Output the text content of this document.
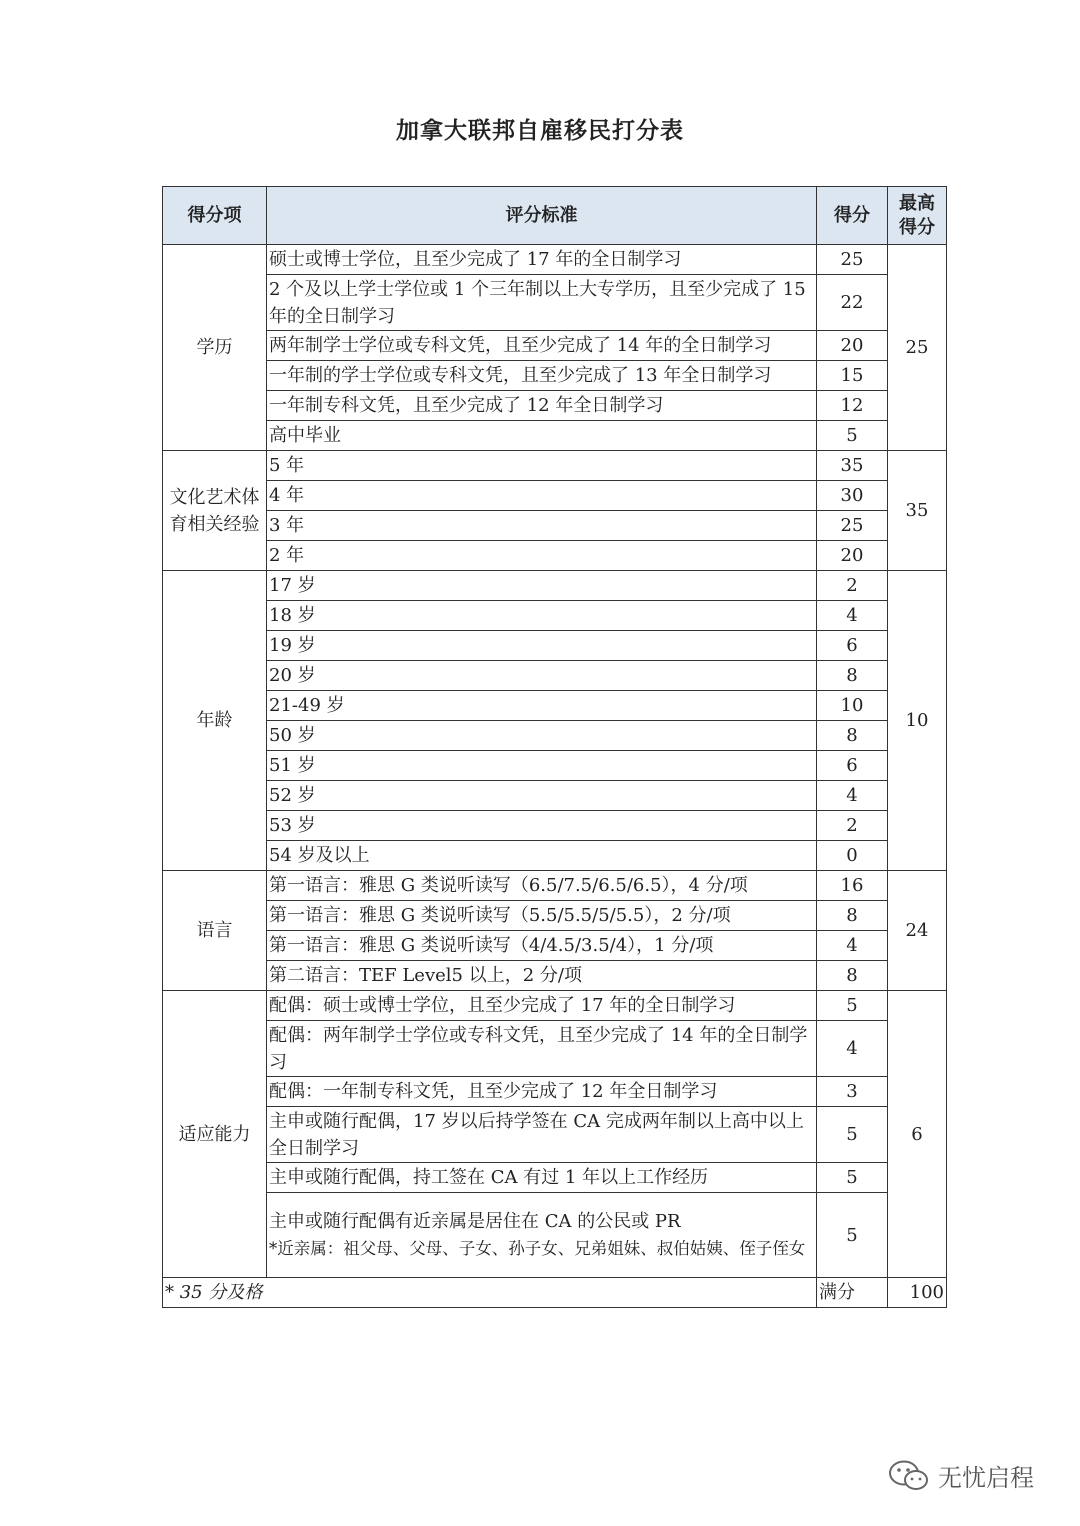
加拿大联邦自雇移民打分表
得分项	评分标准	得分	最高
得分
学历	硕士或博士学位，且至少完成了 17 年的全日制学习	25	25
	2 个及以上学士学位或 1 个三年制以上大专学历，且至少完成了 15 年的全日制学习	22	
	两年制学士学位或专科文凭，且至少完成了 14 年的全日制学习	20	
	一年制的学士学位或专科文凭，且至少完成了 13 年全日制学习	15	
	一年制专科文凭，且至少完成了 12 年全日制学习	12	
	高中毕业	5	
文化艺术体育相关经验	5 年	35	35
	4 年	30	
	3 年	25	
	2 年	20	
年龄	17 岁	2	10
	18 岁	4	
	19 岁	6	
	20 岁	8	
	21-49 岁	10	
	50 岁	8	
	51 岁	6	
	52 岁	4	
	53 岁	2	
	54 岁及以上	0	
语言	第一语言：雅思 G 类说听读写（6.5/7.5/6.5/6.5），4 分/项	16	24
	第一语言：雅思 G 类说听读写（5.5/5.5/5/5.5），2 分/项	8	
	第一语言：雅思 G 类说听读写（4/4.5/3.5/4），1 分/项	4	
	第二语言：TEF Level5 以上，2 分/项	8	
适应能力	配偶：硕士或博士学位，且至少完成了 17 年的全日制学习	5	6
	配偶：两年制学士学位或专科文凭，且至少完成了 14 年的全日制学习	4	
	配偶：一年制专科文凭，且至少完成了 12 年全日制学习	3	
	主申或随行配偶，17 岁以后持学签在 CA 完成两年制以上高中以上全日制学习	5	
	主申或随行配偶，持工签在 CA 有过 1 年以上工作经历	5	
	主申或随行配偶有近亲属是居住在 CA 的公民或 PR
*近亲属：祖父母、父母、子女、孙子女、兄弟姐妹、叔伯姑姨、侄子侄女	5	
* 35 分及格		满分	100
无忧启程
